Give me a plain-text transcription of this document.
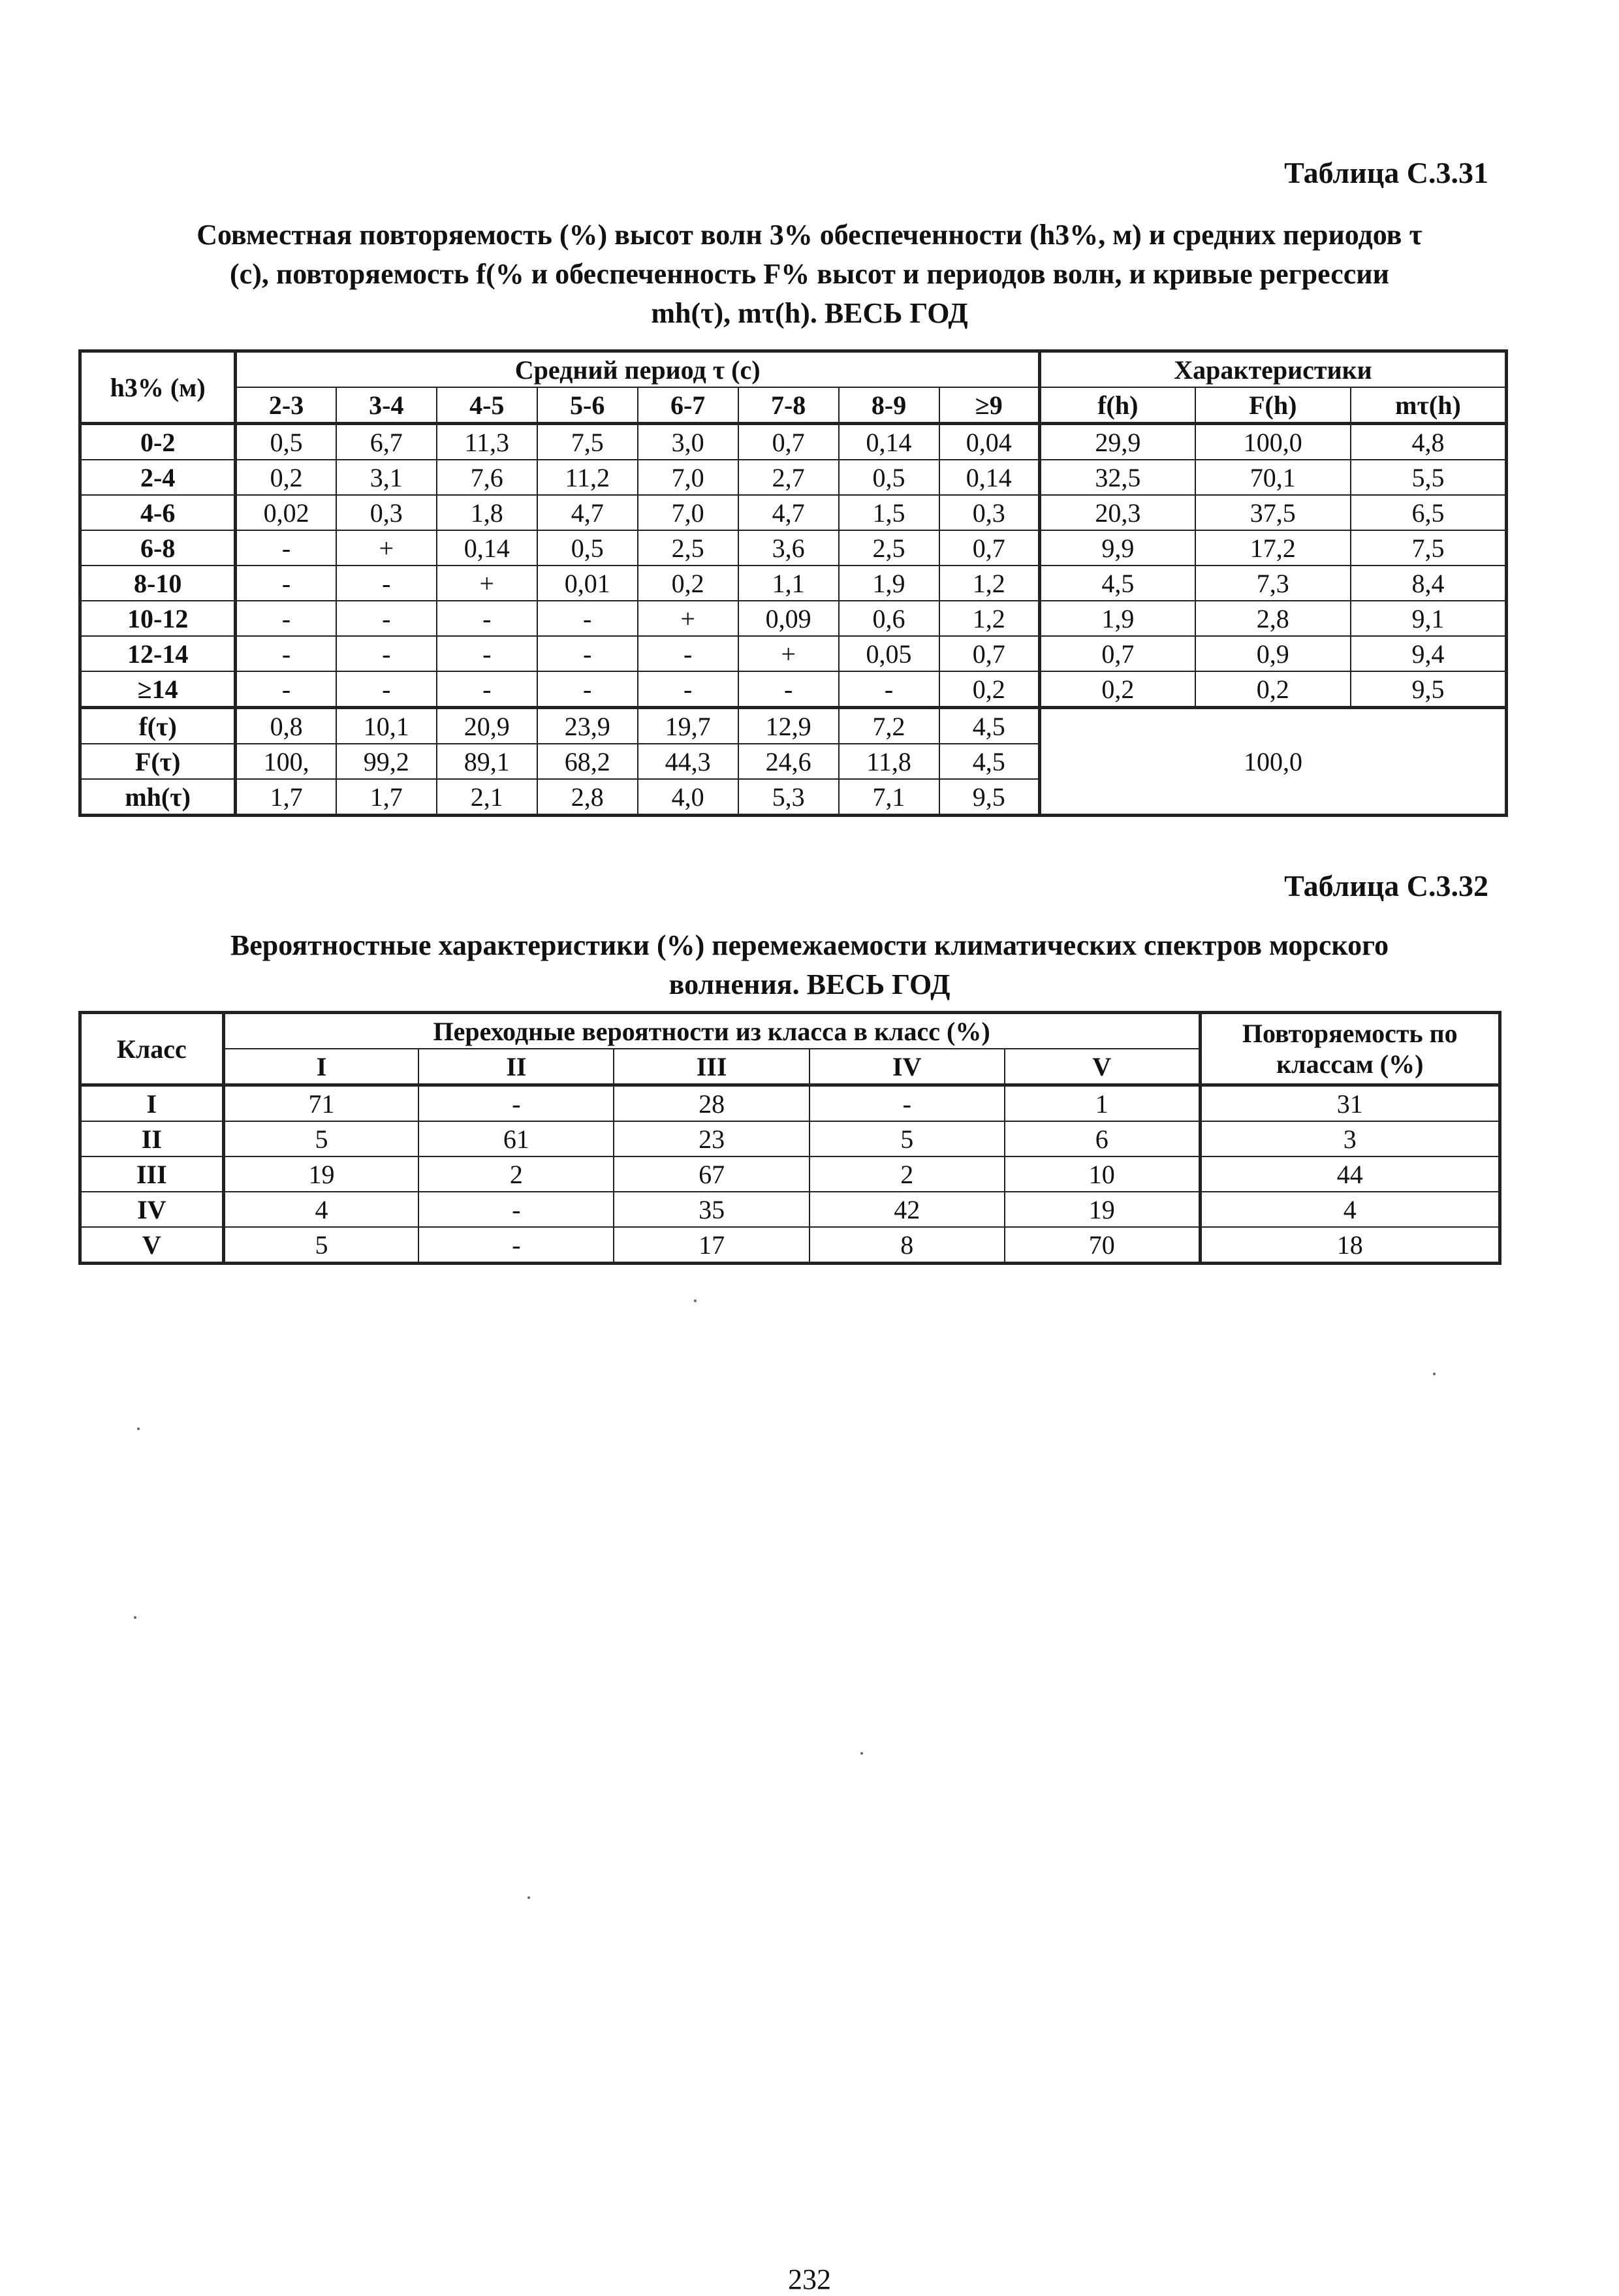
Таблица С.3.31
Совместная повторяемость (%) высот волн 3% обеспеченности (h3%, м) и средних периодов τ
(с), повторяемость f(% и обеспеченность F% высот и периодов волн, и кривые регрессии
mh(τ), mτ(h). ВЕСЬ ГОД
h3% (м)	Средний период τ (с)								Характеристики		
	2-3	3-4	4-5	5-6	6-7	7-8	8-9	≥9	f(h)	F(h)	mτ(h)
0-2	0,5	6,7	11,3	7,5	3,0	0,7	0,14	0,04	29,9	100,0	4,8
2-4	0,2	3,1	7,6	11,2	7,0	2,7	0,5	0,14	32,5	70,1	5,5
4-6	0,02	0,3	1,8	4,7	7,0	4,7	1,5	0,3	20,3	37,5	6,5
6-8	-	+	0,14	0,5	2,5	3,6	2,5	0,7	9,9	17,2	7,5
8-10	-	-	+	0,01	0,2	1,1	1,9	1,2	4,5	7,3	8,4
10-12	-	-	-	-	+	0,09	0,6	1,2	1,9	2,8	9,1
12-14	-	-	-	-	-	+	0,05	0,7	0,7	0,9	9,4
≥14	-	-	-	-	-	-	-	0,2	0,2	0,2	9,5
f(τ)	0,8	10,1	20,9	23,9	19,7	12,9	7,2	4,5	100,0		
F(τ)	100,	99,2	89,1	68,2	44,3	24,6	11,8	4,5			
mh(τ)	1,7	1,7	2,1	2,8	4,0	5,3	7,1	9,5			
Таблица С.3.32
Вероятностные характеристики (%) перемежаемости климатических спектров морского
волнения. ВЕСЬ ГОД
Класс	Переходные вероятности из класса в класс (%)					Повторяемость по классам (%)
	I	II	III	IV	V	
I	71	-	28	-	1	31
II	5	61	23	5	6	3
III	19	2	67	2	10	44
IV	4	-	35	42	19	4
V	5	-	17	8	70	18
232
